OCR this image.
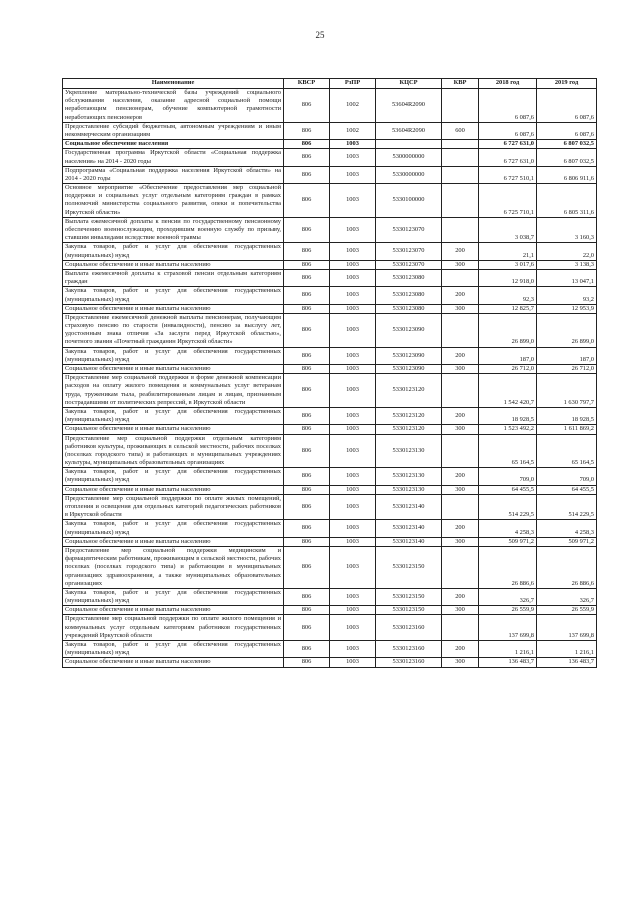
25
Наименование	КВСР	РзПР	КЦСР	КВР	2018 год	2019 год
Укрепление материально-технической базы учреждений социального обслуживания населения, оказание адресной социальной помощи неработающим пенсионерам, обучение компьютерной грамотности неработающих пенсионеров	806	1002	53604R2090		6 087,6	6 087,6
Предоставление субсидий бюджетным, автономным учреждениям и иным некоммерческим организациям	806	1002	53604R2090	600	6 087,6	6 087,6
Социальное обеспечение населения	806	1003			6 727 631,0	6 807 032,5
Государственная программа Иркутской области «Социальная поддержка населения» на 2014 - 2020 годы	806	1003	5300000000		6 727 631,0	6 807 032,5
Подпрограмма «Социальная поддержка населения Иркутской области» на 2014 - 2020 годы	806	1003	5330000000		6 727 510,1	6 806 911,6
Основное мероприятие «Обеспечение предоставления мер социальной поддержки и социальных услуг отдельным категориям граждан в рамках полномочий министерства социального развития, опеки и попечительства Иркутской области»	806	1003	5330100000		6 725 710,1	6 805 311,6
Выплата ежемесячной доплаты к пенсии по государственному пенсионному обеспечению военнослужащим, проходившим военную службу по призыву, ставшим инвалидами вследствие военной травмы	806	1003	5330123070		3 038,7	3 160,3
Закупка товаров, работ и услуг для обеспечения государственных (муниципальных) нужд	806	1003	5330123070	200	21,1	22,0
Социальное обеспечение и иные выплаты населению	806	1003	5330123070	300	3 017,6	3 138,3
Выплата ежемесячной доплаты к страховой пенсии отдельным категориям граждан	806	1003	5330123080		12 918,0	13 047,1
Закупка товаров, работ и услуг для обеспечения государственных (муниципальных) нужд	806	1003	5330123080	200	92,3	93,2
Социальное обеспечение и иные выплаты населению	806	1003	5330123080	300	12 825,7	12 953,9
Предоставление ежемесячной денежной выплаты пенсионерам, получающим страховую пенсию по старости (инвалидности), пенсию за выслугу лет, удостоенным знака отличия «За заслуги перед Иркутской областью», почетного звания «Почетный гражданин Иркутской области»	806	1003	5330123090		26 899,0	26 899,0
Закупка товаров, работ и услуг для обеспечения государственных (муниципальных) нужд	806	1003	5330123090	200	187,0	187,0
Социальное обеспечение и иные выплаты населению	806	1003	5330123090	300	26 712,0	26 712,0
Предоставление мер социальной поддержки в форме денежной компенсации расходов на оплату жилого помещения и коммунальных услуг ветеранам труда, труженикам тыла, реабилитированным лицам и лицам, признанным пострадавшими от политических репрессий, в Иркутской области	806	1003	5330123120		1 542 420,7	1 630 797,7
Закупка товаров, работ и услуг для обеспечения государственных (муниципальных) нужд	806	1003	5330123120	200	18 928,5	18 928,5
Социальное обеспечение и иные выплаты населению	806	1003	5330123120	300	1 523 492,2	1 611 869,2
Предоставление мер социальной поддержки отдельным категориям работников культуры, проживающих в сельской местности, рабочих поселках (поселках городского типа) и работающих в муниципальных учреждениях культуры, муниципальных образовательных организациях	806	1003	5330123130		65 164,5	65 164,5
Закупка товаров, работ и услуг для обеспечения государственных (муниципальных) нужд	806	1003	5330123130	200	709,0	709,0
Социальное обеспечение и иные выплаты населению	806	1003	5330123130	300	64 455,5	64 455,5
Предоставление мер социальной поддержки по оплате жилых помещений, отопления и освещения для отдельных категорий педагогических работников в Иркутской области	806	1003	5330123140		514 229,5	514 229,5
Закупка товаров, работ и услуг для обеспечения государственных (муниципальных) нужд	806	1003	5330123140	200	4 258,3	4 258,3
Социальное обеспечение и иные выплаты населению	806	1003	5330123140	300	509 971,2	509 971,2
Предоставление мер социальной поддержки медицинским и фармацевтическим работникам, проживающим в сельской местности, рабочих поселках (поселках городского типа) и работающим в муниципальных организациях здравоохранения, а также муниципальных образовательных организациях	806	1003	5330123150		26 886,6	26 886,6
Закупка товаров, работ и услуг для обеспечения государственных (муниципальных) нужд	806	1003	5330123150	200	326,7	326,7
Социальное обеспечение и иные выплаты населению	806	1003	5330123150	300	26 559,9	26 559,9
Предоставление мер социальной поддержки по оплате жилого помещения и коммунальных услуг отдельным категориям работников государственных учреждений Иркутской области	806	1003	5330123160		137 699,8	137 699,8
Закупка товаров, работ и услуг для обеспечения государственных (муниципальных) нужд	806	1003	5330123160	200	1 216,1	1 216,1
Социальное обеспечение и иные выплаты населению	806	1003	5330123160	300	136 483,7	136 483,7
